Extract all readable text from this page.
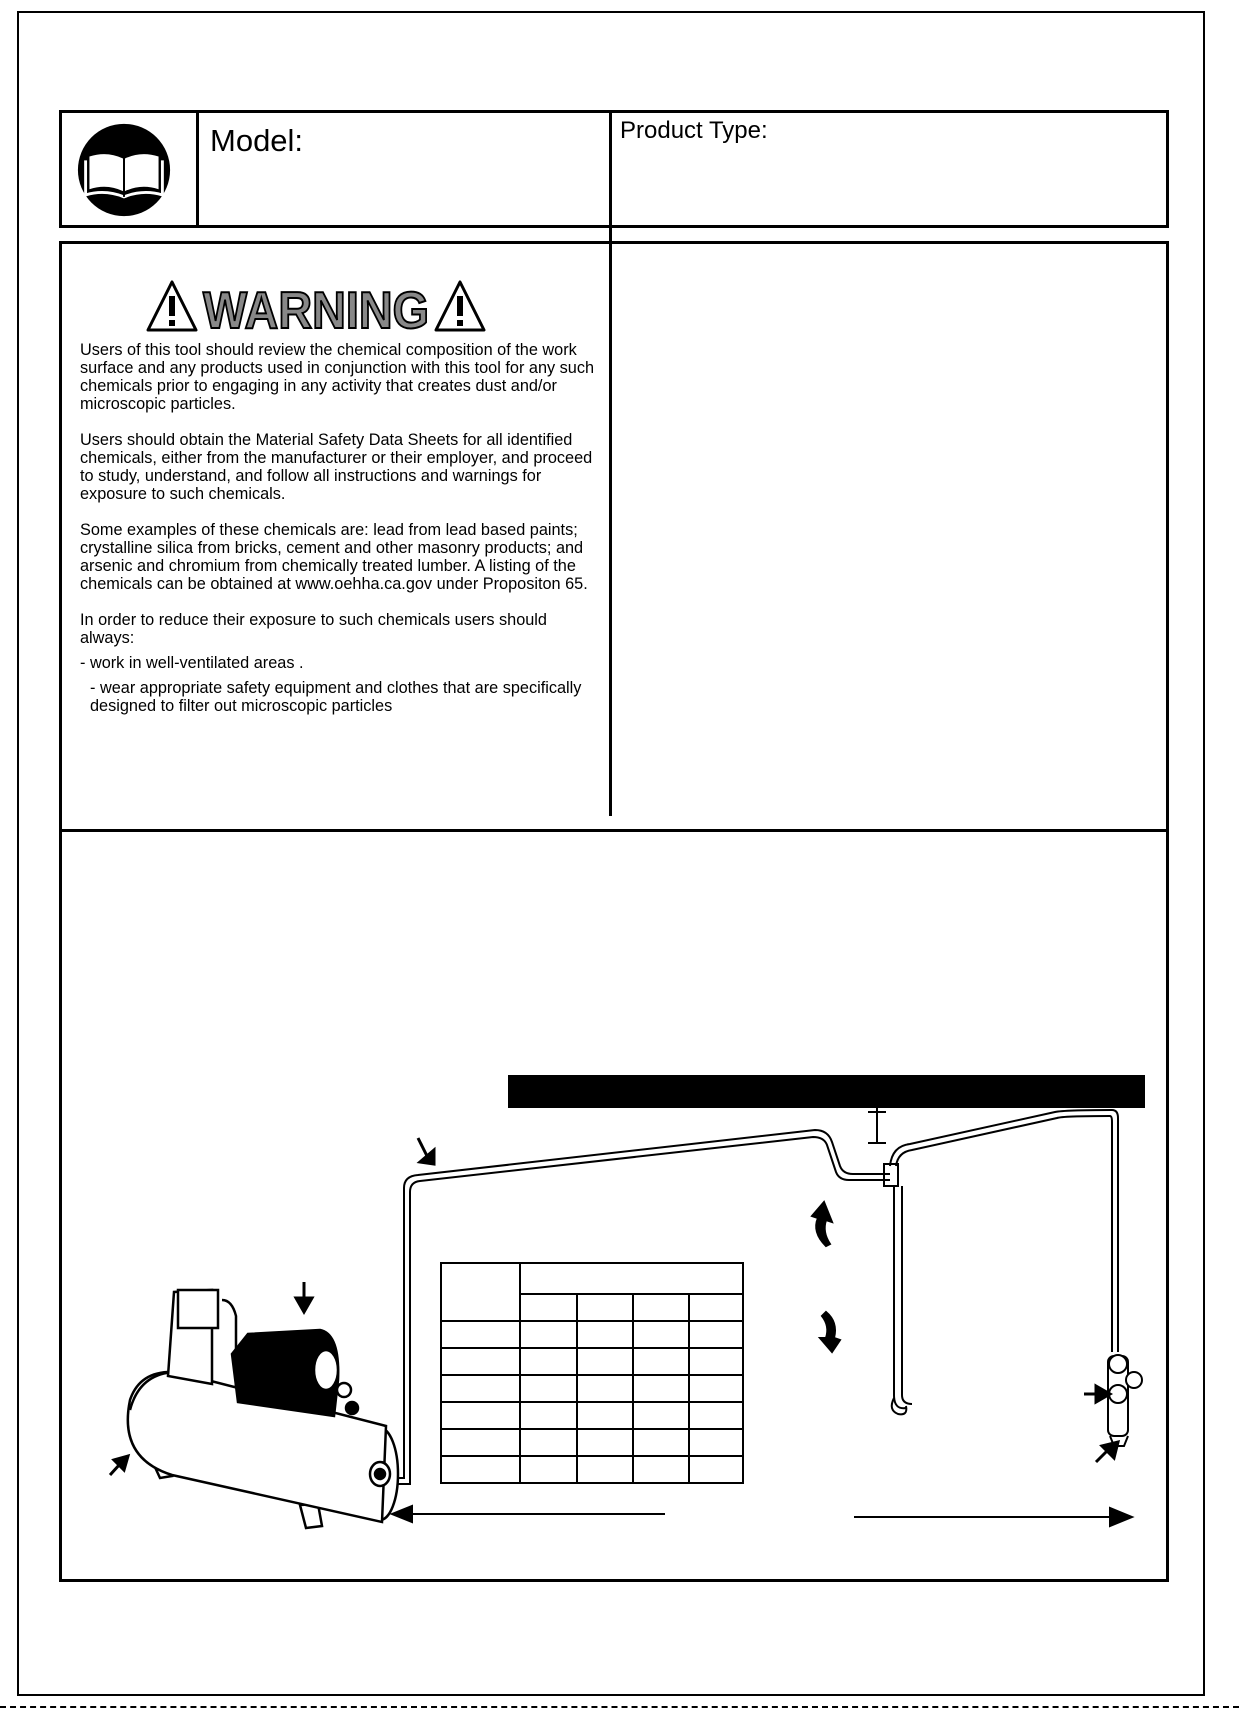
Model:	Product Type:
WARNING

Users of this tool should review the chemical composition of the work surface and any products used in conjunction with this tool for any such chemicals prior to engaging in any activity that creates dust and/or microscopic particles.

Users should obtain the Material Safety Data Sheets for all identified chemicals, either from the manufacturer or their employer, and proceed to study, understand, and follow all instructions and warnings for exposure to such chemicals.

Some examples of these chemicals are: lead from lead based paints; crystalline silica from bricks, cement and other masonry products; and arsenic and chromium from chemically treated lumber. A listing of the chemicals can be obtained at www.oehha.ca.gov under Propositon 65.

In order to reduce their exposure to such chemicals users should always:

- work in well-ventilated areas .

- wear appropriate safety equipment and clothes that are specifically designed to filter out microscopic particles
